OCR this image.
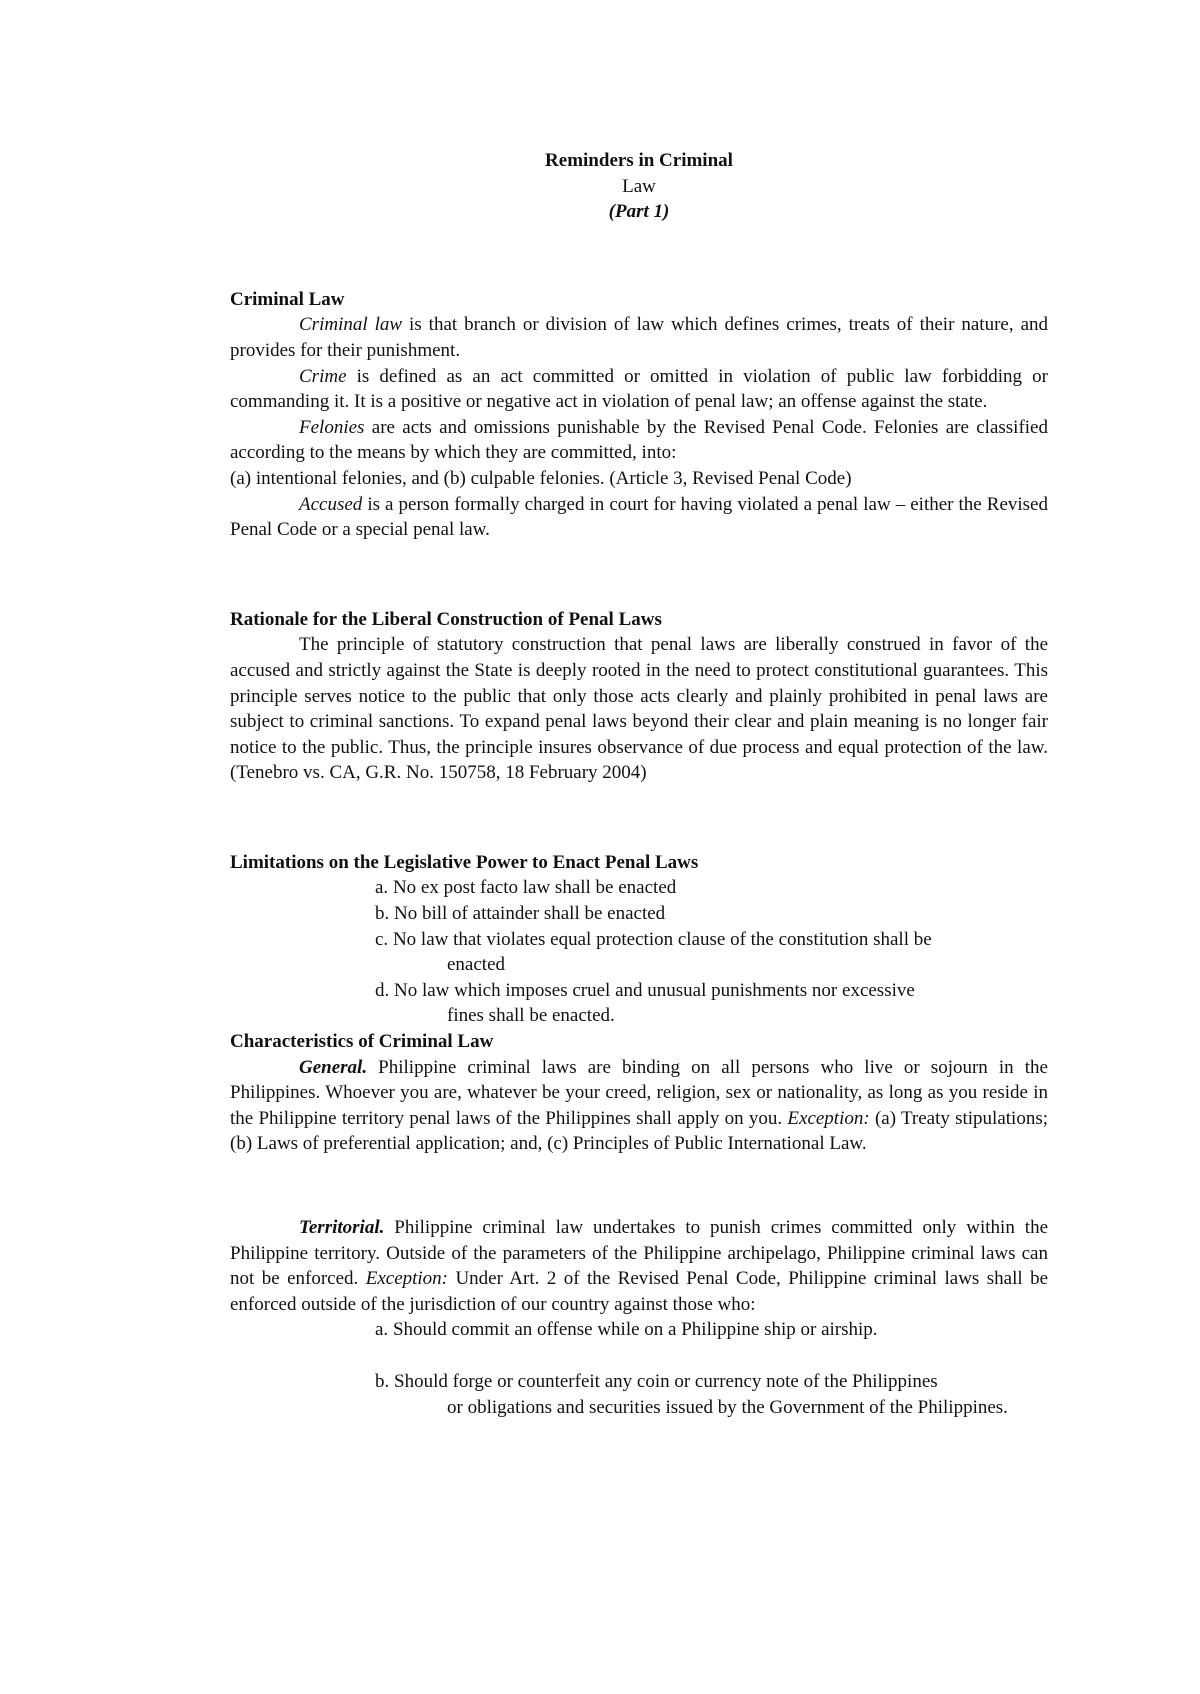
Reminders in Criminal
Law
(Part 1)

Criminal Law

Criminal law is that branch or division of law which defines crimes, treats of their nature, and provides for their punishment.

Crime is defined as an act committed or omitted in violation of public law forbidding or commanding it. It is a positive or negative act in violation of penal law; an offense against the state.

Felonies are acts and omissions punishable by the Revised Penal Code. Felonies are classified according to the means by which they are committed, into:

(a) intentional felonies, and (b) culpable felonies. (Article 3, Revised Penal Code)

Accused is a person formally charged in court for having violated a penal law – either the Revised Penal Code or a special penal law.

Rationale for the Liberal Construction of Penal Laws

The principle of statutory construction that penal laws are liberally construed in favor of the accused and strictly against the State is deeply rooted in the need to protect constitutional guarantees. This principle serves notice to the public that only those acts clearly and plainly prohibited in penal laws are subject to criminal sanctions. To expand penal laws beyond their clear and plain meaning is no longer fair notice to the public. Thus, the principle insures observance of due process and equal protection of the law. (Tenebro vs. CA, G.R. No. 150758, 18 February 2004)

Limitations on the Legislative Power to Enact Penal Laws

a. No ex post facto law shall be enacted
b. No bill of attainder shall be enacted
c. No law that violates equal protection clause of the constitution shall be
enacted
d. No law which imposes cruel and unusual punishments nor excessive
fines shall be enacted.

Characteristics of Criminal Law

General. Philippine criminal laws are binding on all persons who live or sojourn in the Philippines. Whoever you are, whatever be your creed, religion, sex or nationality, as long as you reside in the Philippine territory penal laws of the Philippines shall apply on you. Exception: (a) Treaty stipulations; (b) Laws of preferential application; and, (c) Principles of Public International Law.

Territorial. Philippine criminal law undertakes to punish crimes committed only within the Philippine territory. Outside of the parameters of the Philippine archipelago, Philippine criminal laws can not be enforced. Exception: Under Art. 2 of the Revised Penal Code, Philippine criminal laws shall be enforced outside of the jurisdiction of our country against those who:

a. Should commit an offense while on a Philippine ship or airship.
b. Should forge or counterfeit any coin or currency note of the Philippines
or obligations and securities issued by the Government of the Philippines.
